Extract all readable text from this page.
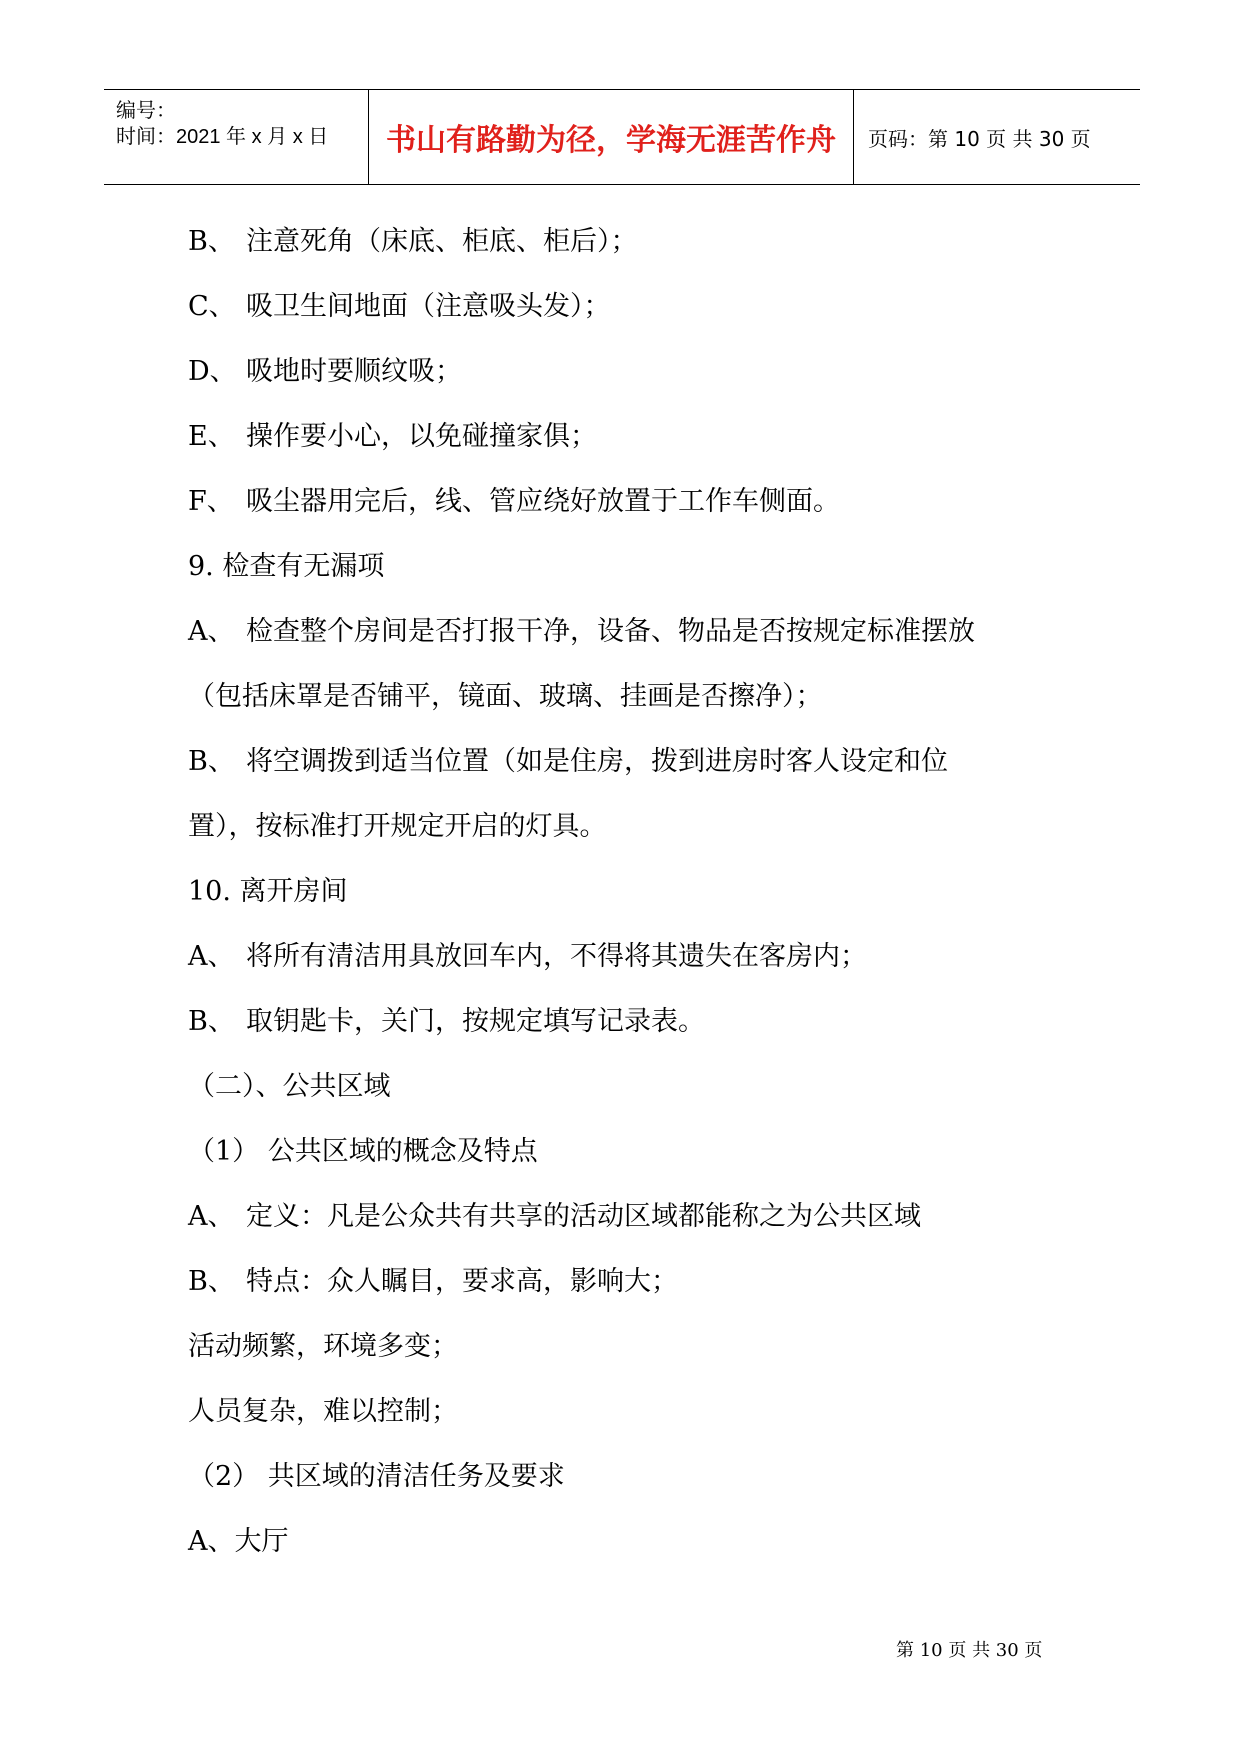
编号：
时间：2021 年 x 月 x 日	书山有路勤为径，学海无涯苦作舟	页码：第 10 页 共 30 页
B、 注意死角（床底、柜底、柜后）；
C、 吸卫生间地面（注意吸头发）；
D、 吸地时要顺纹吸；
E、 操作要小心，以免碰撞家俱；
F、 吸尘器用完后，线、管应绕好放置于工作车侧面。
9. 检查有无漏项
A、 检查整个房间是否打报干净，设备、物品是否按规定标准摆放
（包括床罩是否铺平，镜面、玻璃、挂画是否擦净）；
B、 将空调拨到适当位置（如是住房，拨到进房时客人设定和位
置），按标准打开规定开启的灯具。
10. 离开房间
A、 将所有清洁用具放回车内，不得将其遗失在客房内；
B、 取钥匙卡，关门，按规定填写记录表。
（二）、公共区域
（1） 公共区域的概念及特点
A、 定义：凡是公众共有共享的活动区域都能称之为公共区域
B、 特点：众人瞩目，要求高，影响大；
活动频繁，环境多变；
人员复杂，难以控制；
（2） 共区域的清洁任务及要求
A、大厅
第 10 页 共 30 页
